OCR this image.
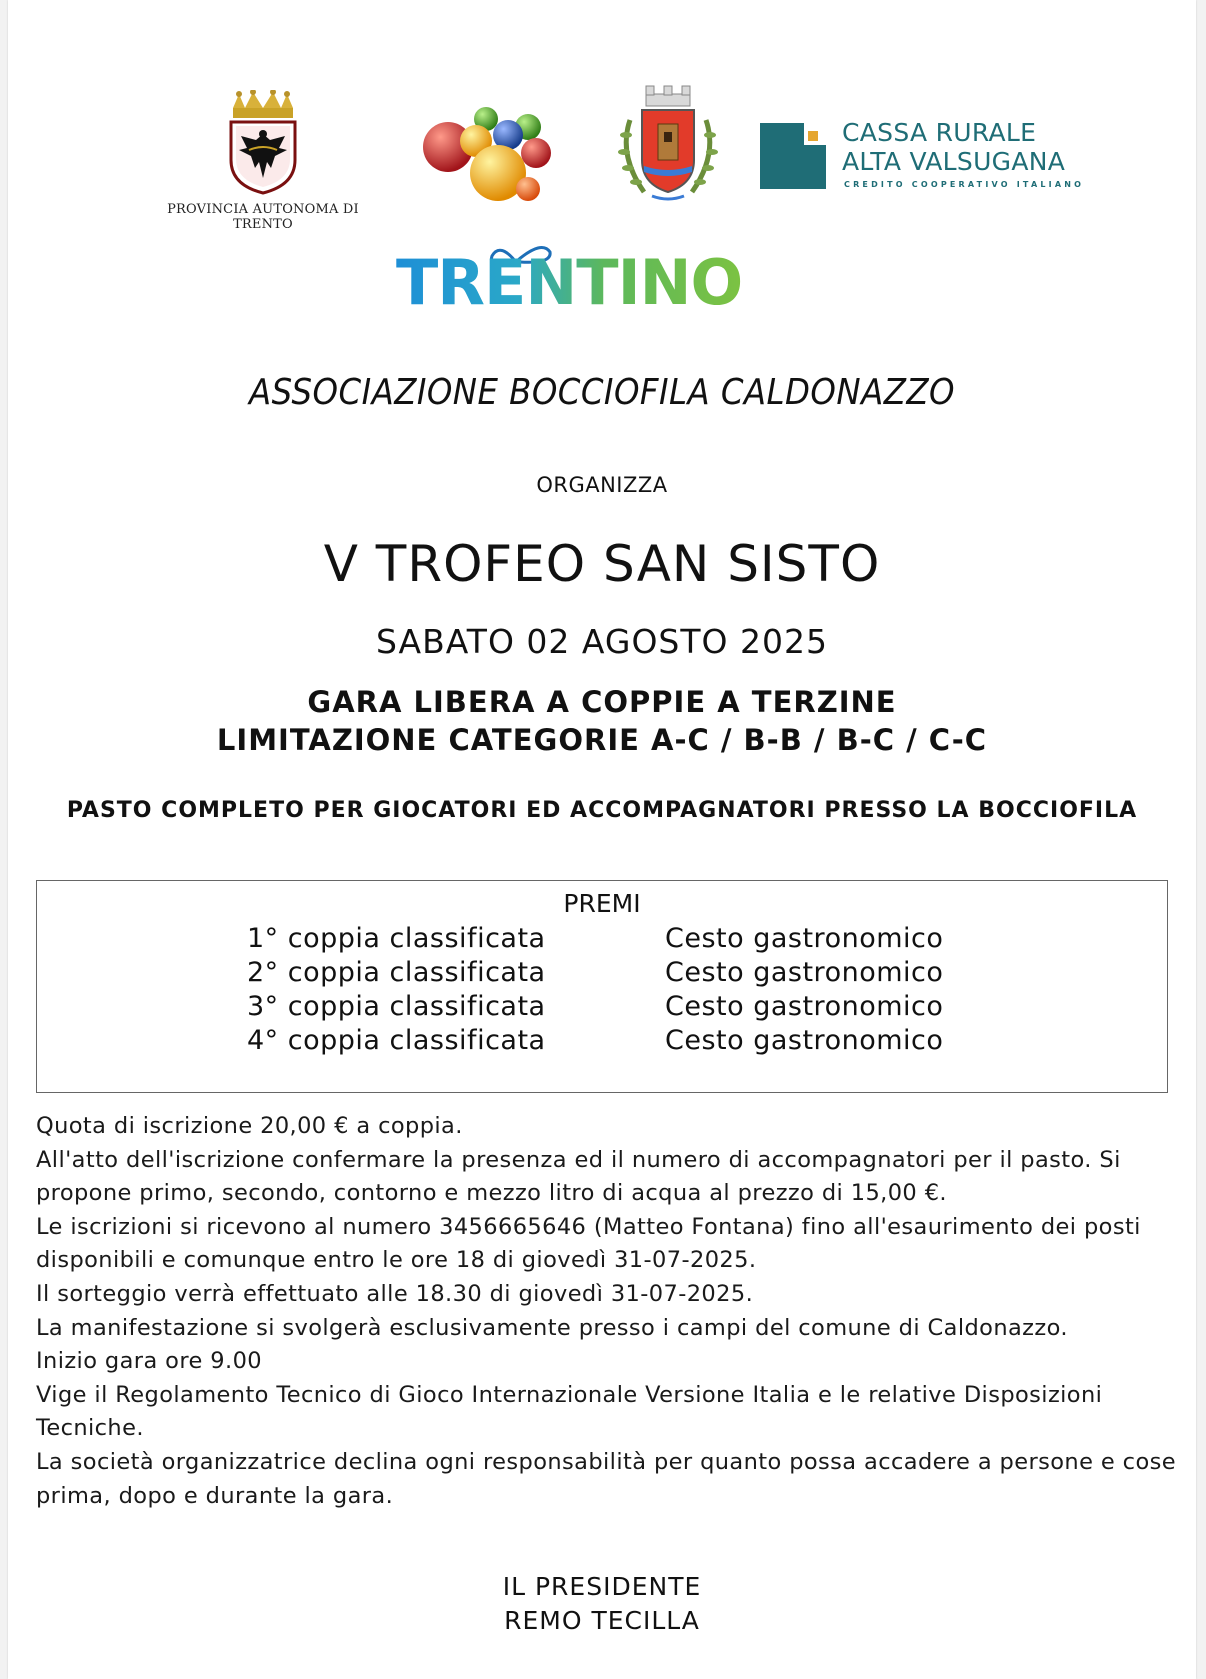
PROVINCIA AUTONOMA DI TRENTO
CASSA RURALE
ALTA VALSUGANA
CREDITO COOPERATIVO ITALIANO
TRENTINO
ASSOCIAZIONE BOCCIOFILA CALDONAZZO
ORGANIZZA
V TROFEO SAN SISTO
SABATO 02 AGOSTO 2025
GARA LIBERA A COPPIE A TERZINE
LIMITAZIONE CATEGORIE A-C / B-B / B-C / C-C
PASTO COMPLETO PER GIOCATORI ED ACCOMPAGNATORI PRESSO LA BOCCIOFILA
PREMI
1° coppia classificata	Cesto gastronomico
2° coppia classificata	Cesto gastronomico
3° coppia classificata	Cesto gastronomico
4° coppia classificata	Cesto gastronomico

Quota di iscrizione 20,00 € a coppia.

All'atto dell'iscrizione confermare la presenza ed il numero di accompagnatori per il pasto. Si propone primo, secondo, contorno e mezzo litro di acqua al prezzo di 15,00 €.

Le iscrizioni si ricevono al numero 3456665646 (Matteo Fontana) fino all'esaurimento dei posti disponibili e comunque entro le ore 18 di giovedì 31-07-2025.

Il sorteggio verrà effettuato alle 18.30 di giovedì 31-07-2025.

La manifestazione si svolgerà esclusivamente presso i campi del comune di Caldonazzo.

Inizio gara ore 9.00

Vige il Regolamento Tecnico di Gioco Internazionale Versione Italia e le relative Disposizioni Tecniche.

La società organizzatrice declina ogni responsabilità per quanto possa accadere a persone e cose prima, dopo e durante la gara.

IL PRESIDENTE
REMO TECILLA
